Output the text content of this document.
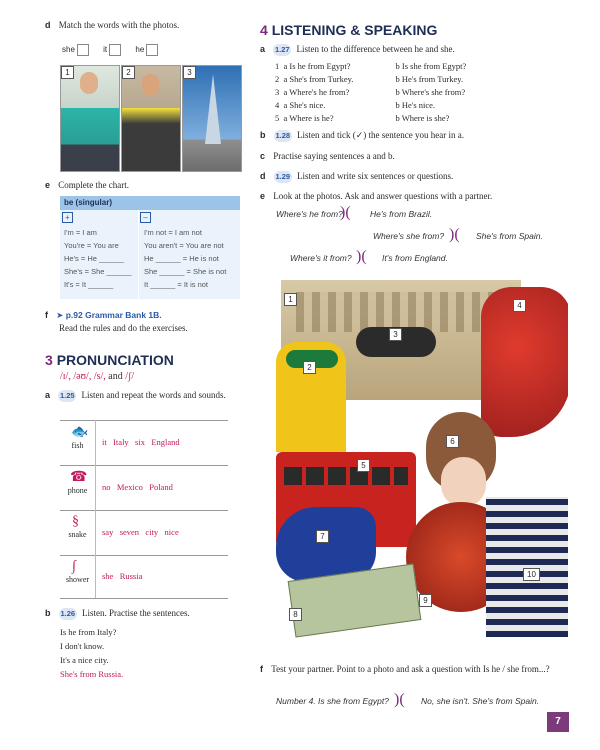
d Match the words with the photos.
she	it	he
1	2	3
e Complete the chart.
be (singular)
+	–
I'm = I am	I'm not = I am not
You're = You are	You aren't = You are not
He's = He ______	He ______ = He is not
She's = She ______	She ______ = She is not
It's = It ______	It ______ = It is not
f ➤ p.92 Grammar Bank 1B.
Read the rules and do the exercises.
3 PRONUNCIATION
/ɪ/, /əʊ/, /s/, and /ʃ/
a 1.25 Listen and repeat the words and sounds.
🐟
fish	it   Italy   six   England
☎
phone	no   Mexico   Poland
§
snake	say   seven   city   nice
∫
shower	she   Russia
b 1.26 Listen. Practise the sentences.
Is he from Italy?
I don't know.
It's a nice city.
She's from Russia.
4 LISTENING & SPEAKING
a 1.27 Listen to the difference between he and she.
1 a Is he from Egypt?	b Is she from Egypt?
2 a She's from Turkey.	b He's from Turkey.
3 a Where's he from?	b Where's she from?
4 a She's nice.	b He's nice.
5 a Where is he?	b Where is she?
b 1.28 Listen and tick (✓) the sentence you hear in a.
c Practise saying sentences a and b.
d 1.29 Listen and write six sentences or questions.
e Look at the photos. Ask and answer questions with a partner.
Where's he from?
)( He's from Brazil.
Where's she from? )( She's from Spain.
Where's it from? )( It's from England.
1
2
3
4
5
6
7
8
9
10
f Test your partner. Point to a photo and ask a question with Is he / she from...?
Number 4. Is she from Egypt? )( No, she isn't. She's from Spain.
7
